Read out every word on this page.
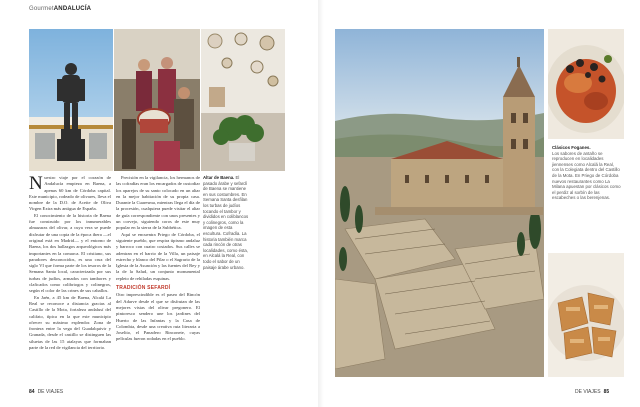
GourmetANDALUCÍA

Nuestro viaje por el corazón de Andalucía empieza en Baena, a apenas 60 km de Córdoba capital. Este municipio, rodeado de olivares, lleva el nombre de la D.O. de Aceite de Oliva Virgen Extra más antigua de España.

El conocimiento de la historia de Baena fue construido por los innumerables almazaras del olivar, a cuya vera se puede disfrutar de una copia de la época ibera —el original está en Madrid— y el entorno de Baena, los dos hallazgos arqueológicos más importantes en la comarca. El cristiano, sus paradores desconocidos, es una cruz del siglo VI que forma parte de los tesoros de la Semana Santa local, caracterizada por sus turbas de judíos, armados con tambores y claficados como colibriogos y colinegros, según el color de las crines de sus caballos.

En Jaén, a 45 km de Baena, Alcalá La Real se reconoce a distancia gracias al Castillo de la Mota, fortaleza andalusí del califato, típica en la que este municipio ofrecer su máximo esplendor. Zona de frontera entre la vega del Guadalquivir y Granada, desde el castillo se distinguen las siluetas de las 15 atalayas que formaban parte de la red de vigilancia del territorio.

Precisión en la vigilancia, los hermanos de las cofradías eran los encargados de custodiar los aparejos de su santo colocado en un altar en la mejor habitación de su propia casa. Durante la Cuaresma, mientras llega el día de la procesión, cualquiera puede visitar el altar de guía correspondiente con unos presentes y un corvejo, siguiendo coros de este muy popular en la sierra de la Subbética.

Aquí se encuentra Priego de Córdoba, el siguiente pueblo, que respira tipismo andaluz y barroco con cuatro costados. Sus calles se adentran en el barrio de la Villa, un paisaje estrecho y blanco del Pilar o el Sagrario de la Iglesia de la Asunción y las fuentes del Rey y la de la Salud, un conjunto monumental repleto de rehiladas esquinas.

TRADICIÓN SEFARDÍ

Otro imprescindible es el paseo del Rincón del Adarve desde el que se disfrutan de las mejores vistas del olivar pregonero. El pintoresco sendero une los jardines del Huerto de las Infantas y la Casa de Colombia, desde una creativa ruta literaria a Joselito, el Panadero Rinconete, cuyas películas fueron rodadas en el pueblo.

Altar de Baena. El pasado árabe y sefardí de Baena se mantiene en sus costumbres. En Semana Santa desfilan los turbas de judíos tocando el tambor y divididos en coliblancos y colinegros, como la imagen de esta escultura. Cofradía. La historia también marca cada rincón de otras localidades, como ésta, en Alcalá la Real, con todo el sabor de un paisaje árabe urbano.
84 DE VIAJES
Clásicos Foganes.
Los sabores de antaño se reproducen en localidades jiennenses como Alcalá la Real, con la Colegiata dentro del Castillo de la Mota. En Priego de Córdoba nuevos restaurantes como La Milana apuestan por clásicos como el perdiz al sorbín de las escabeches o las berenjenas.
DE VIAJES 85
